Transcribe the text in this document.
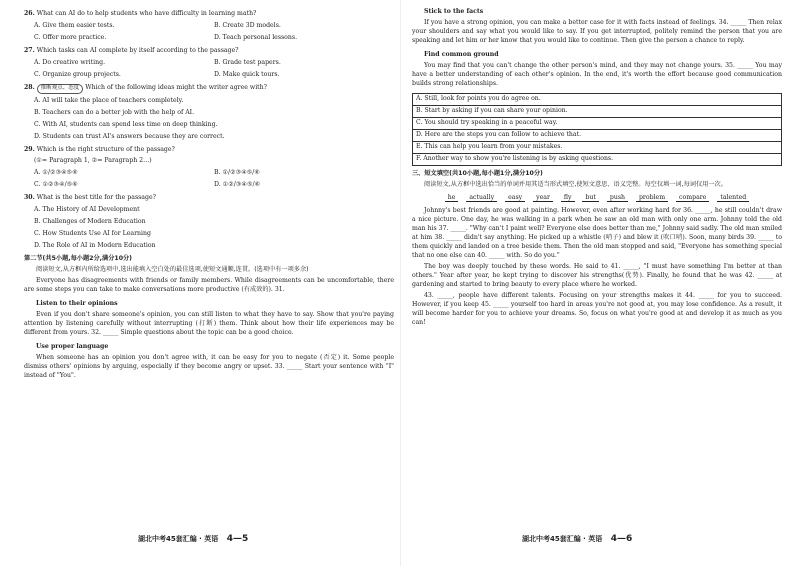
26. What can AI do to help students who have difficulty in learning math?
A. Give them easier tests.	B. Create 3D models.
C. Offer more practice.	D. Teach personal lessons.
27. Which tasks can AI complete by itself according to the passage?
A. Do creative writing.	B. Grade test papers.
C. Organize group projects.	D. Make quick tours.
28. 推断观点、态度 Which of the following ideas might the writer agree with?
A. AI will take the place of teachers completely.
B. Teachers can do a better job with the help of AI.
C. With AI, students can spend less time on deep thinking.
D. Students can trust AI's answers because they are correct.
29. Which is the right structure of the passage?
(①= Paragraph 1, ②= Paragraph 2…)
A. ①/②③④⑤⑥	B. ①/②③④⑤/⑥
C. ①②③④/⑤⑥	D. ①②/③④⑤/⑥
30. What is the best title for the passage?
A. The History of AI Development
B. Challenges of Modern Education
C. How Students Use AI for Learning
D. The Role of AI in Modern Education
第二节(共5小题,每小题2分,满分10分)

阅读短文,从方框内所给选项中,选出能填入空白处的最佳选项,使短文通顺,连贯。(选项中有一项多余)

Everyone has disagreements with friends or family members. While disagreements can be uncomfortable, there are some steps you can take to make conversations more productive (有成效的). 31.

Listen to their opinions

Even if you don't share someone's opinion, you can still listen to what they have to say. Show that you're paying attention by listening carefully without interrupting (打断) them. Think about how their life experiences may be different from yours. 32. _____ Simple questions about the topic can be a good choice.

Use proper language

When someone has an opinion you don't agree with, it can be easy for you to negate (否定) it. Some people dismiss others' opinions by arguing, especially if they become angry or upset. 33. _____ Start your sentence with "I" instead of "You".

Stick to the facts

If you have a strong opinion, you can make a better case for it with facts instead of feelings. 34. _____ Then relax your shoulders and say what you would like to say. If you get interrupted, politely remind the person that you are speaking and let him or her know that you would like to continue. Then give the person a chance to reply.

Find common ground

You may find that you can't change the other person's mind, and they may not change yours. 35. _____ You may have a better understanding of each other's opinion. In the end, it's worth the effort because good communication builds strong relationships.

A. Still, look for points you do agree on.
B. Start by asking if you can share your opinion.
C. You should try speaking in a peaceful way.
D. Here are the steps you can follow to achieve that.
E. This can help you learn from your mistakes.
F. Another way to show you're listening is by asking questions.
三、短文填空(共10小题,每小题1分,满分10分)

阅读短文,从方框中选出恰当的单词并用其适当形式填空,使短文意思、语义完整。每空仅填一词,每词仅用一次。

he actually easy year fly but push problem compare talented

Johnny's best friends are good at painting. However, even after working hard for 36. _____, he still couldn't draw a nice picture. One day, he was walking in a park when he saw an old man with only one arm. Johnny told the old man his 37. _____. "Why can't I paint well? Everyone else does better than me," Johnny said sadly. The old man smiled at him 38. _____ didn't say anything. He picked up a whistle (哨子) and blew it (吹口哨). Soon, many birds 39. _____ to them quickly and landed on a tree beside them. Then the old man stopped and said, "Everyone has something special that no one else can 40. _____ with. So do you."

The boy was deeply touched by these words. He said to 41. _____, "I must have something I'm better at than others." Year after year, he kept trying to discover his strengths(优势). Finally, he found that he was 42. _____ at gardening and started to bring beauty to every place where he worked.

43. _____, people have different talents. Focusing on your strengths makes it 44. _____ for you to succeed. However, if you keep 45. _____ yourself too hard in areas you're not good at, you may lose confidence. As a result, it will become harder for you to achieve your dreams. So, focus on what you're good at and develop it as much as you can!

湖北中考45套汇编 · 英语 4—5	湖北中考45套汇编 · 英语 4—6
